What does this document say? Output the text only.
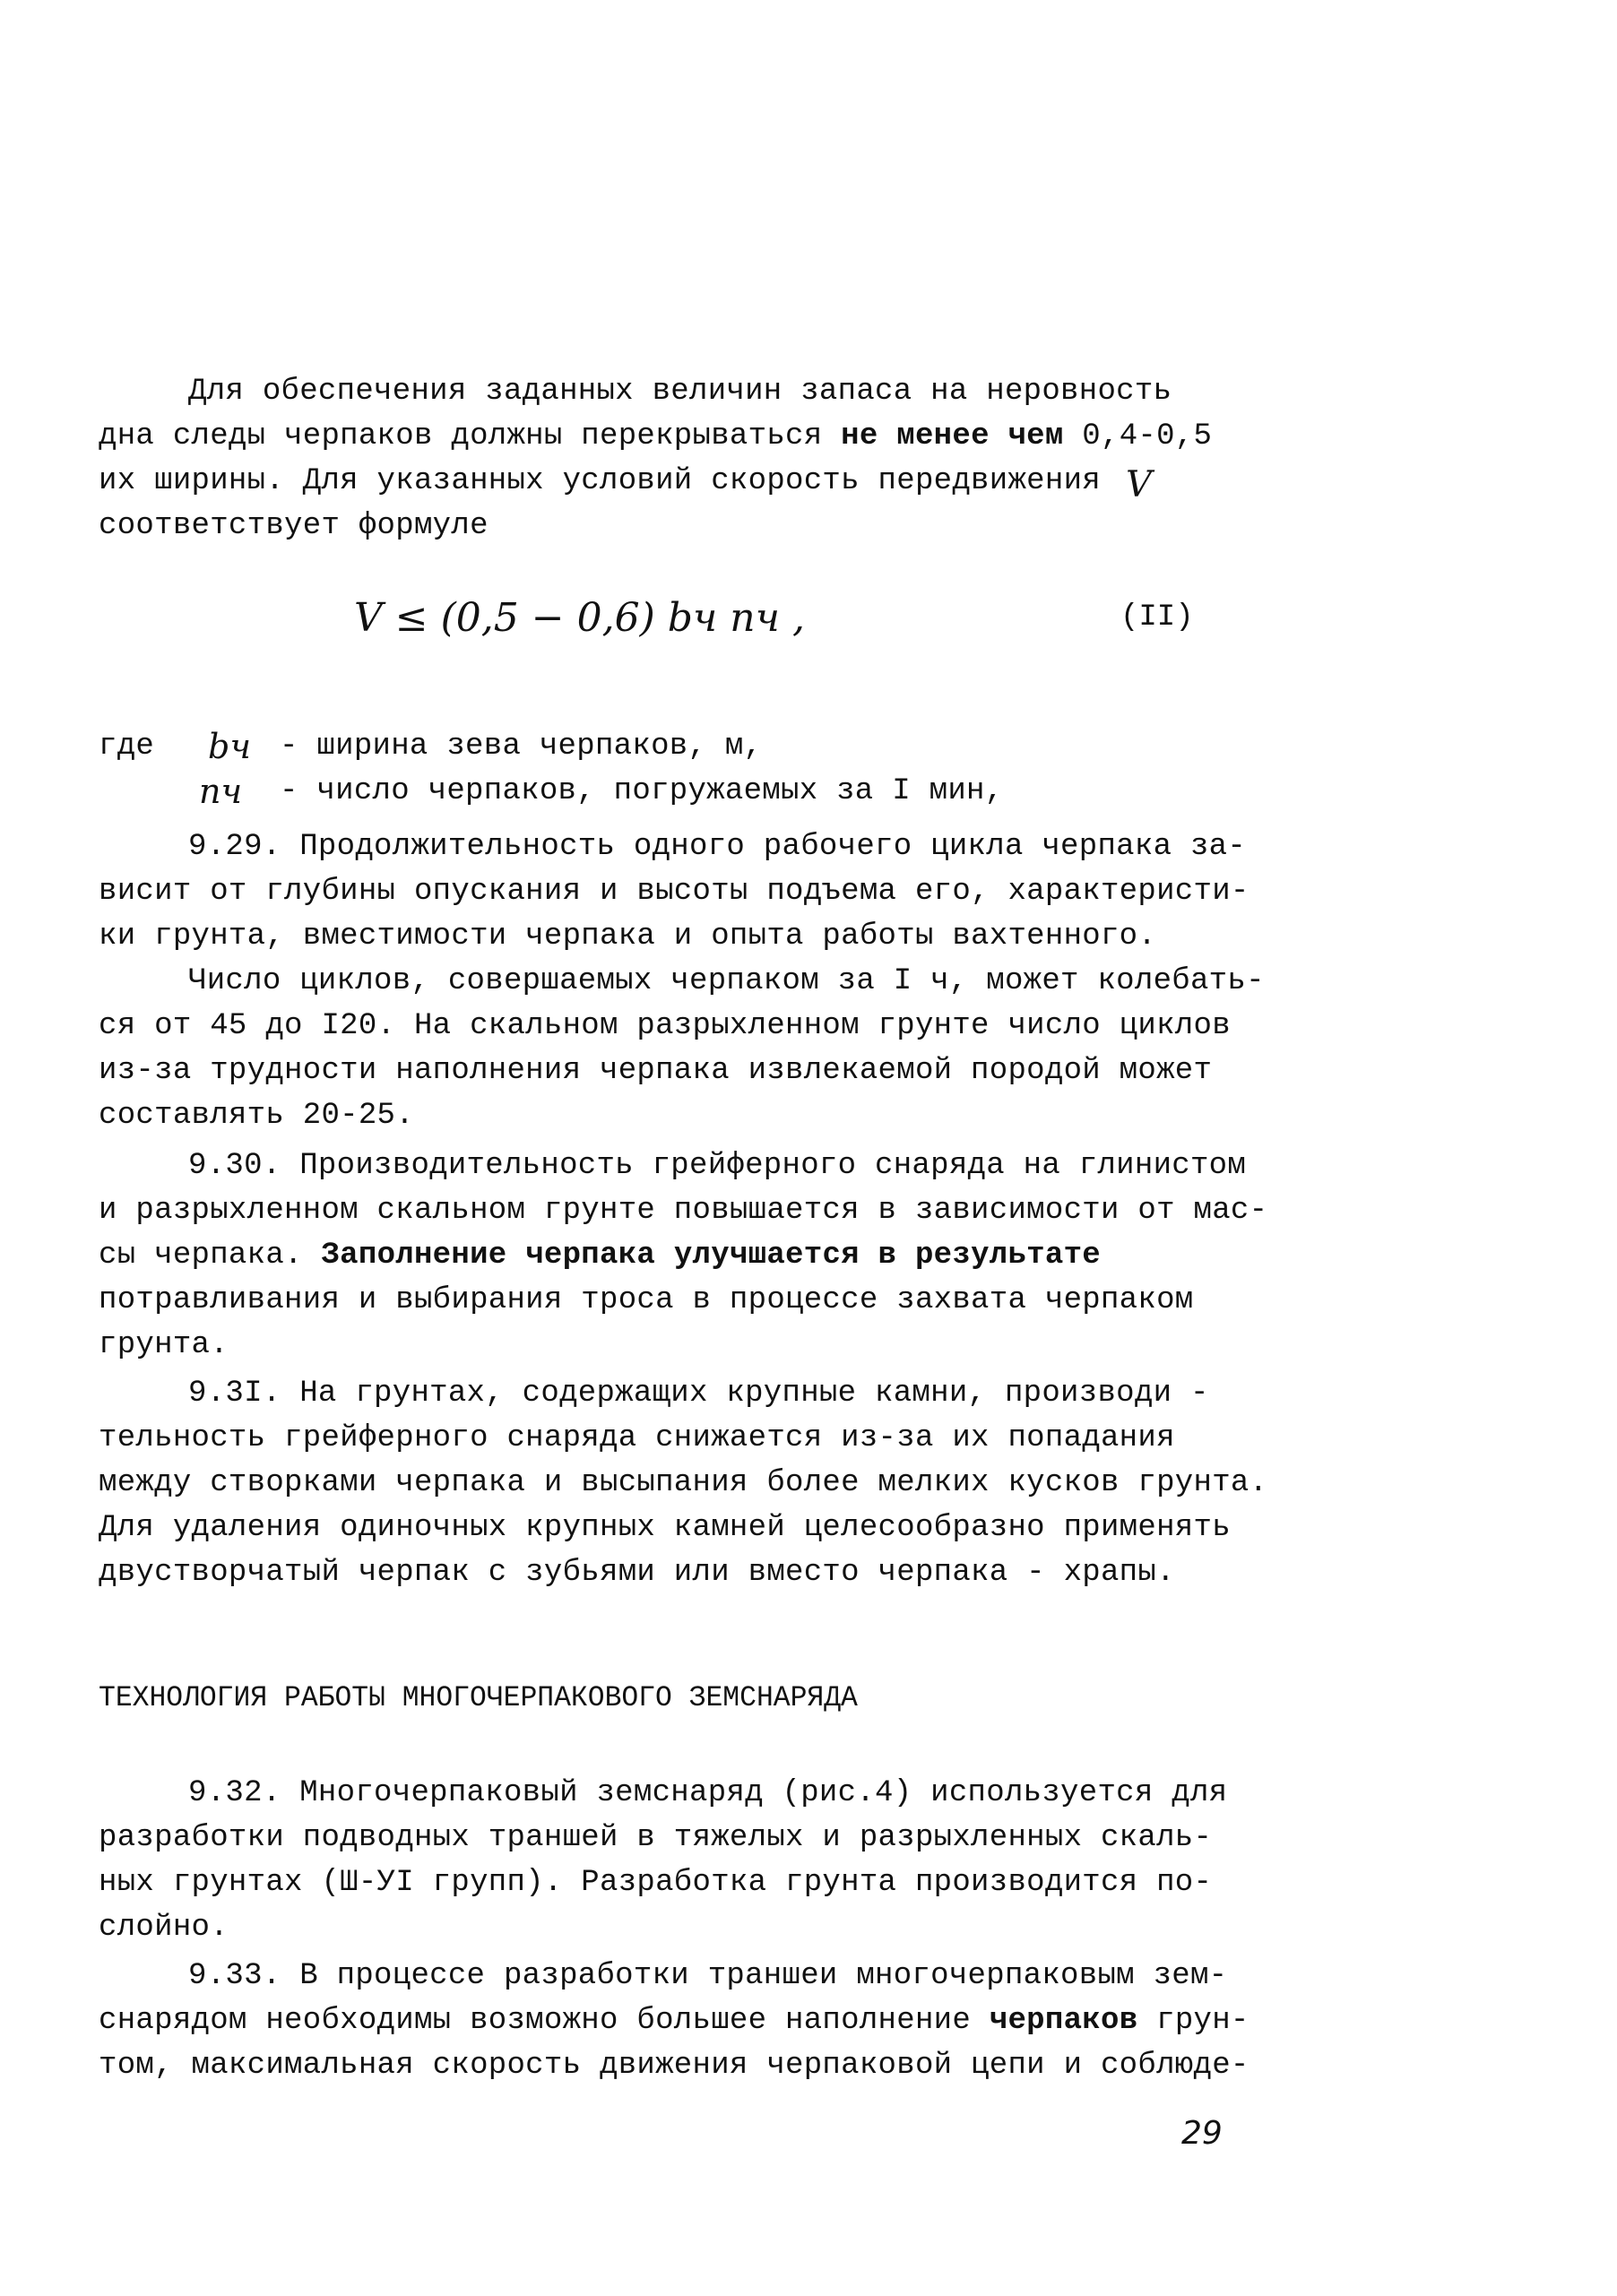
Для обеспечения заданных величин запаса на неровность
дна следы черпаков должны перекрываться не менее чем 0,4-0,5
их ширины. Для указанных условий скорость передвижения V
соответствует формуле
V ≤ (0,5 − 0,6) bч nч ,	(II)
где bч - ширина зева черпаков, м,
nч - число черпаков, погружаемых за I мин,
9.29. Продолжительность одного рабочего цикла черпака за-
висит от глубины опускания и высоты подъема его, характеристи-
ки грунта, вместимости черпака и опыта работы вахтенного.
Число циклов, совершаемых черпаком за I ч, может колебать-
ся от 45 до I20. На скальном разрыхленном грунте число циклов
из-за трудности наполнения черпака извлекаемой породой может
составлять 20-25.
9.30. Производительность грейферного снаряда на глинистом
и разрыхленном скальном грунте повышается в зависимости от мас-
сы черпака. Заполнение черпака улучшается в результате
потравливания и выбирания троса в процессе захвата черпаком
грунта.
9.3I. На грунтах, содержащих крупные камни, производи -
тельность грейферного снаряда снижается из-за их попадания
между створками черпака и высыпания более мелких кусков грунта.
Для удаления одиночных крупных камней целесообразно применять
двустворчатый черпак с зубьями или вместо черпака - храпы.
ТЕХНОЛОГИЯ РАБОТЫ МНОГОЧЕРПАКОВОГО ЗЕМСНАРЯДА
9.32. Многочерпаковый земснаряд (рис.4) используется для
разработки подводных траншей в тяжелых и разрыхленных скаль-
ных грунтах (Ш-УI групп). Разработка грунта производится по-
слойно.
9.33. В процессе разработки траншеи многочерпаковым зем-
снарядом необходимы возможно большее наполнение черпаков грун-
том, максимальная скорость движения черпаковой цепи и соблюде-
29
